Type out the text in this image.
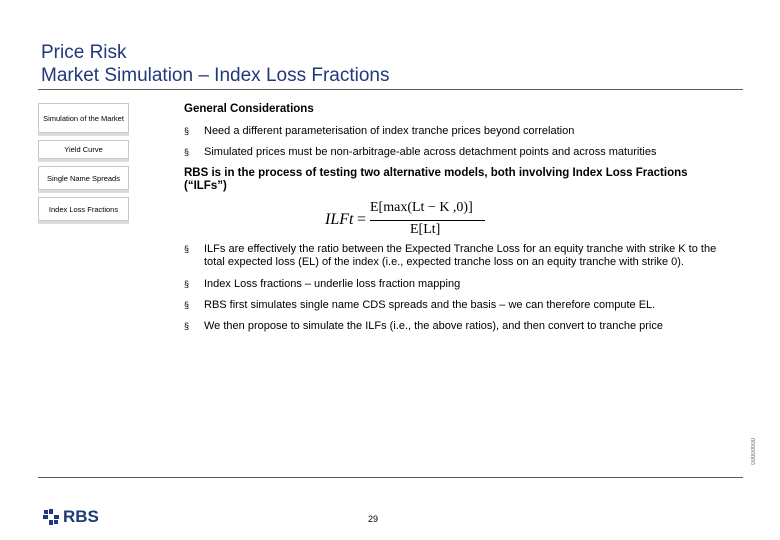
Price Risk
Market Simulation – Index Loss Fractions
Simulation of the Market
Yield Curve
Single Name Spreads
Index Loss Fractions
General Considerations
§ Need a different parameterisation of index tranche prices beyond correlation
§ Simulated prices must be non-arbitrage-able across detachment points and across maturities
RBS is in the process of testing two alternative models, both involving Index Loss Fractions (“ILFs”)
ILFt =
E[max(Lt − K ,0)]
E[Lt]
§ ILFs are effectively the ratio between the Expected Tranche Loss for an equity tranche with strike K to the total expected loss (EL) of the index (i.e., expected tranche loss on an equity tranche with strike 0).
§ Index Loss fractions – underlie loss fraction mapping
§ RBS first simulates single name CDS spreads and the basis – we can therefore compute EL.
§ We then propose to simulate the ILFs (i.e., the above ratios), and then convert to tranche price
RBS	29
00000000
